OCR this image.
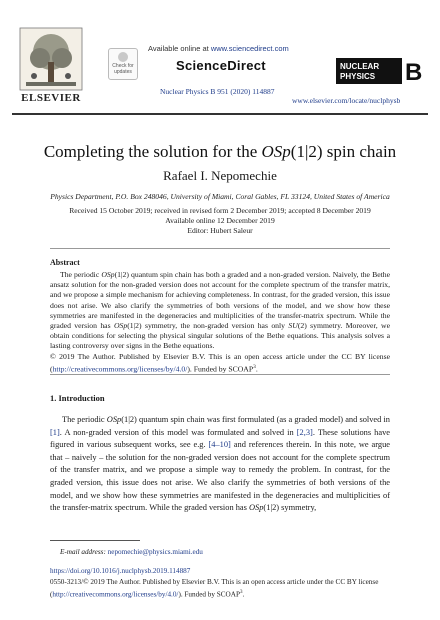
ELSEVIER
Check for updates
Available online at www.sciencedirect.com
ScienceDirect
Nuclear Physics B 951 (2020) 114887
NUCLEAR
PHYSICS B
www.elsevier.com/locate/nuclphysb
Completing the solution for the OSp(1|2) spin chain
Rafael I. Nepomechie
Physics Department, P.O. Box 248046, University of Miami, Coral Gables, FL 33124, United States of America
Received 15 October 2019; received in revised form 2 December 2019; accepted 8 December 2019
Available online 12 December 2019
Editor: Hubert Saleur
Abstract

The periodic OSp(1|2) quantum spin chain has both a graded and a non-graded version. Naively, the Bethe ansatz solution for the non-graded version does not account for the complete spectrum of the transfer matrix, and we propose a simple mechanism for achieving completeness. In contrast, for the graded version, this issue does not arise. We also clarify the symmetries of both versions of the model, and we show how these symmetries are manifested in the degeneracies and multiplicities of the transfer-matrix spectrum. While the graded version has OSp(1|2) symmetry, the non-graded version has only SU(2) symmetry. Moreover, we obtain conditions for selecting the physical singular solutions of the Bethe equations. This analysis solves a lasting controversy over signs in the Bethe equations.

© 2019 The Author. Published by Elsevier B.V. This is an open access article under the CC BY license (http://creativecommons.org/licenses/by/4.0/). Funded by SCOAP$^3$.

1. Introduction

The periodic OSp(1|2) quantum spin chain was first formulated (as a graded model) and solved in [1]. A non-graded version of this model was formulated and solved in [2,3]. These solutions have figured in various subsequent works, see e.g. [4–10] and references therein. In this note, we argue that – naively – the solution for the non-graded version does not account for the complete spectrum of the transfer matrix, and we propose a simple way to remedy the problem. In contrast, for the graded version, this issue does not arise. We also clarify the symmetries of both versions of the model, and we show how these symmetries are manifested in the degeneracies and multiplicities of the transfer-matrix spectrum. While the graded version has OSp(1|2) symmetry,

E-mail address: nepomechie@physics.miami.edu
https://doi.org/10.1016/j.nuclphysb.2019.114887
0550-3213/© 2019 The Author. Published by Elsevier B.V. This is an open access article under the CC BY license (http://creativecommons.org/licenses/by/4.0/). Funded by SCOAP$^3$.
